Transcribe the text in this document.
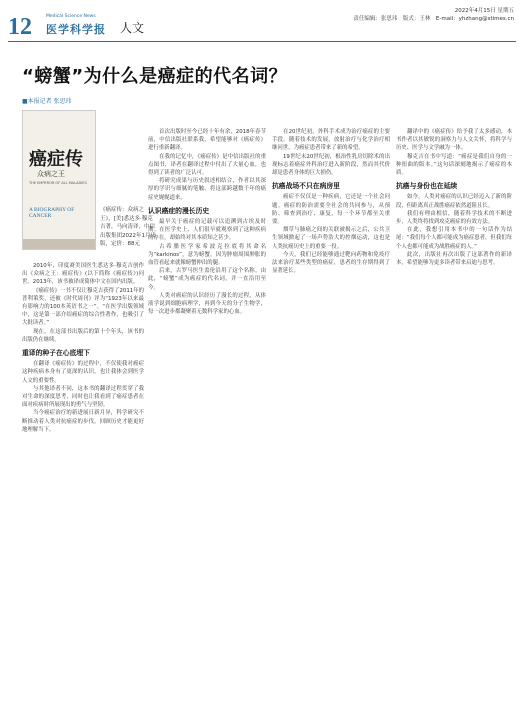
12	Medical Science News
医学科学报 人文
2022年4月15日 星期五
责任编辑：张思玮　版式：王林　E-mail：yhzhang@stimes.cn
“螃蟹”为什么是癌症的代名词？
■本报记者 张思玮
癌症传
众病之王
THE EMPEROR OF ALL MALADIES
A BIOGRAPHY OF CANCER
《癌症传：众病之王》，[美]悉达多·穆克吉著，马向涛译，中信出版集团2022年1月出版，定价：88元

2010年，印度裔美国医生悉达多·穆克吉创作出《众病之王：癌症传》(以下简称《癌症传》)问世。2013年，该书被译成简体中文在国内出版。

《癌症传》一书不仅让穆克吉获得了2011年的普利策奖，还被《时代周刊》评为“1923年以来最有影响力的100本英语书之一”。“在医学出版领域中，这是第一部介绍癌症的综合性著作，也吸引了大批读者。”

现在，在这部书出版后的第十个年头，该书的出版仍在继续。

重译的种子在心底埋下

在翻译《癌症传》的过程中，不仅使我对癌症这种疾病本身有了更深的认识，也让我体会到医学人文的重要性。

与其他译者不同，这本书的翻译过程贯穿了我对生命的深度思考，同时也让我看到了癌症患者在面对疾病时所展现出的勇气与坚韧。

当今癌症治疗的新进展日新月异，科学研究不断推动着人类对抗癌症的步伐，回顾历史才能更好地理解当下。

首次出版时至今已经十年有余，2018年春节前，中信出版社联系我，希望能够对《癌症传》进行重新翻译。

在我的记忆中，《癌症传》是中信出版社的重点图书，译者在翻译过程中付出了大量心血，也得到了读者的广泛认可。

将研究成果与历史叙述相结合，作者以其深厚的学识与细腻的笔触，将这部跨越数千年的癌症史娓娓道来。

认识癌症的漫长历史

最早关于癌症的记载可以追溯到古埃及时期。在医学史上，人们很早就观察到了这种疾病的存在，却始终对其本质知之甚少。

古希腊医学家希波克拉底将其命名为“karkinos”，意为螃蟹，因为肿瘤周围肿胀的血管看起来就像螃蟹伸出的腿。

后来，古罗马医生盖伦沿用了这个名称。由此，“螃蟹”成为癌症的代名词，并一直沿用至今。

人类对癌症的认识经历了漫长的过程，从体液学说到细胞病理学，再到今天的分子生物学，每一次进步都凝聚着无数科学家的心血。

在20世纪初，外科手术成为治疗癌症的主要手段。随着技术的发展，放射治疗与化学治疗相继问世，为癌症患者带来了新的希望。

19世纪末20世纪初，根治性乳房切除术的出现标志着癌症外科治疗进入新阶段，然而其代价却是患者身体的巨大损伤。

抗癌战场不只在病房里

癌症不仅仅是一种疾病，它还是一个社会问题。癌症的防治需要全社会的共同参与，从预防、筛查到治疗、康复，每一个环节都至关重要。

烟草与肺癌之间的关联被揭示之后，公共卫生领域掀起了一场声势浩大的控烟运动，这也是人类抗癌历史上的重要一役。

今天，我们已经能够通过靶向药物和免疫疗法来治疗某些类型的癌症，患者的生存期得到了显著延长。

翻译中的《癌症传》给予我了太多感动，本书作者以其敏锐的洞察力与人文关怀，将科学与历史、医学与文学融为一体。

穆克吉在书中写道：“癌症是我们自身的一种扭曲的版本。”这句话深刻地揭示了癌症的本质。

抗癌与身份也在延续

如今，人类对癌症的认识已经迈入了新的阶段，但距离真正战胜癌症依然道阻且长。

我们有理由相信，随着科学技术的不断进步，人类终将找到攻克癌症的有效方法。

在此，我想引用本书中的一句话作为结尾：“我们每个人都可能成为癌症患者，但我们每个人也都可能成为战胜癌症的人。”

此次，出版社再次出版了这部著作的新译本，希望能够为更多读者带来启迪与思考。
